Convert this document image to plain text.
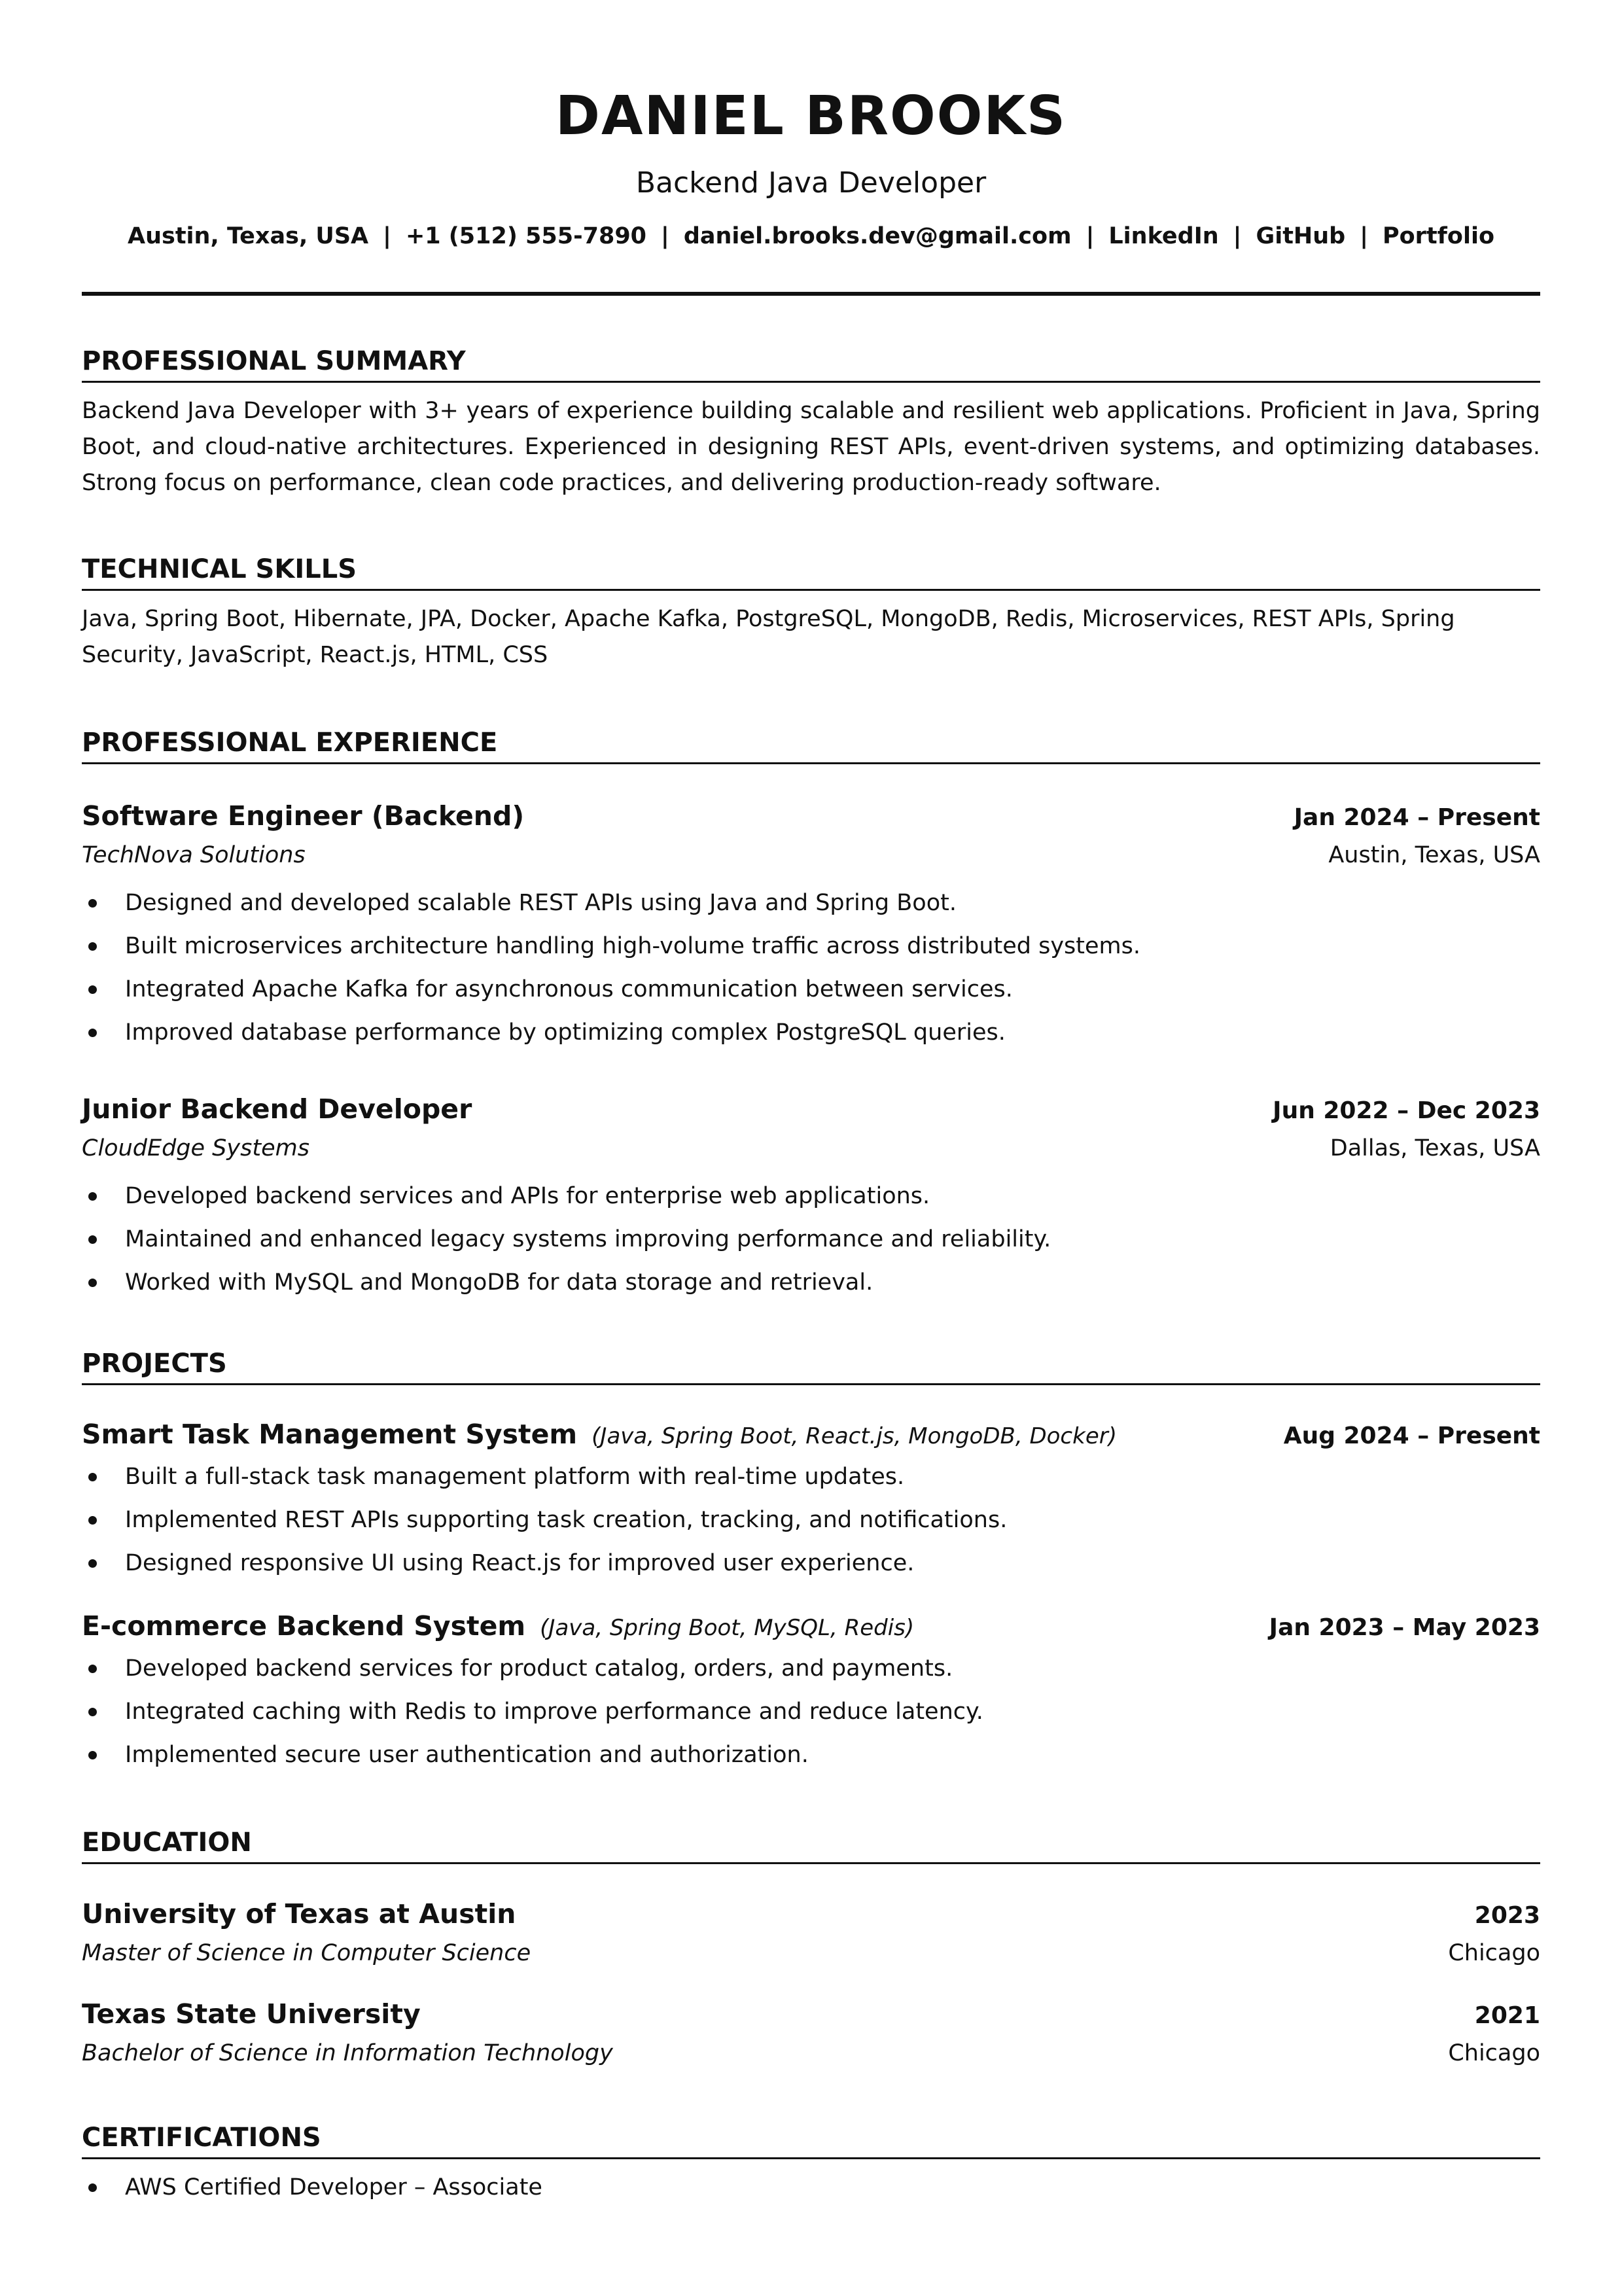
DANIEL BROOKS
Backend Java Developer
Austin, Texas, USA | +1 (512) 555-7890 | daniel.brooks.dev@gmail.com | LinkedIn | GitHub | Portfolio
PROFESSIONAL SUMMARY
Backend Java Developer with 3+ years of experience building scalable and resilient web applications. Proficient in Java, Spring Boot, and cloud-native architectures. Experienced in designing REST APIs, event-driven systems, and optimizing databases. Strong focus on performance, clean code practices, and delivering production-ready software.
TECHNICAL SKILLS
Java, Spring Boot, Hibernate, JPA, Docker, Apache Kafka, PostgreSQL, MongoDB, Redis, Microservices, REST APIs, Spring Security, JavaScript, React.js, HTML, CSS
PROFESSIONAL EXPERIENCE
Software Engineer (Backend)	Jan 2024 – Present
TechNova Solutions	Austin, Texas, USA
Designed and developed scalable REST APIs using Java and Spring Boot.
Built microservices architecture handling high-volume traffic across distributed systems.
Integrated Apache Kafka for asynchronous communication between services.
Improved database performance by optimizing complex PostgreSQL queries.
Junior Backend Developer	Jun 2022 – Dec 2023
CloudEdge Systems	Dallas, Texas, USA
Developed backend services and APIs for enterprise web applications.
Maintained and enhanced legacy systems improving performance and reliability.
Worked with MySQL and MongoDB for data storage and retrieval.
PROJECTS
Smart Task Management System (Java, Spring Boot, React.js, MongoDB, Docker)	Aug 2024 – Present
Built a full-stack task management platform with real-time updates.
Implemented REST APIs supporting task creation, tracking, and notifications.
Designed responsive UI using React.js for improved user experience.
E-commerce Backend System (Java, Spring Boot, MySQL, Redis)	Jan 2023 – May 2023
Developed backend services for product catalog, orders, and payments.
Integrated caching with Redis to improve performance and reduce latency.
Implemented secure user authentication and authorization.
EDUCATION
University of Texas at Austin	2023
Master of Science in Computer Science	Chicago
Texas State University	2021
Bachelor of Science in Information Technology	Chicago
CERTIFICATIONS
AWS Certified Developer – Associate
